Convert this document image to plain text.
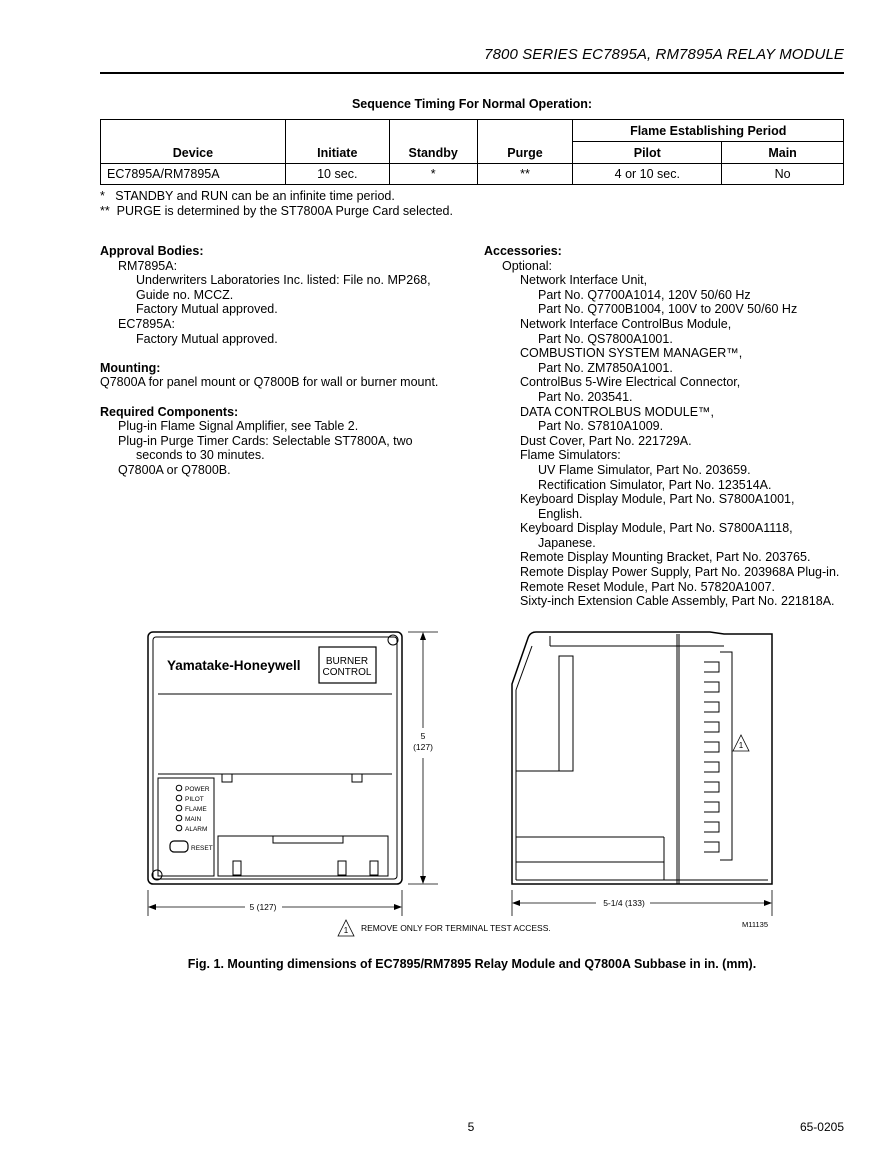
7800 SERIES EC7895A, RM7895A RELAY MODULE
Sequence Timing For Normal Operation:
Device	Initiate	Standby	Purge	Flame Establishing Period	
				Pilot	Main
EC7895A/RM7895A	10 sec.	*	**	4 or 10 sec.	No
*   STANDBY and RUN can be an infinite time period.
**  PURGE is determined by the ST7800A Purge Card selected.
Approval Bodies:
RM7895A:
Underwriters Laboratories Inc. listed: File no. MP268,
Guide no. MCCZ.
Factory Mutual approved.
EC7895A:
Factory Mutual approved.
Mounting:
Q7800A for panel mount or Q7800B for wall or burner mount.
Required Components:
Plug-in Flame Signal Amplifier, see Table 2.
Plug-in Purge Timer Cards: Selectable ST7800A, two
seconds to 30 minutes.
Q7800A or Q7800B.
Accessories:
Optional:
Network Interface Unit,
Part No. Q7700A1014, 120V 50/60 Hz
Part No. Q7700B1004, 100V to 200V 50/60 Hz
Network Interface ControlBus Module,
Part No. QS7800A1001.
COMBUSTION SYSTEM MANAGER™,
Part No. ZM7850A1001.
ControlBus 5-Wire Electrical Connector,
Part No. 203541.
DATA CONTROLBUS MODULE™,
Part No. S7810A1009.
Dust Cover, Part No. 221729A.
Flame Simulators:
UV Flame Simulator, Part No. 203659.
Rectification Simulator, Part No. 123514A.
Keyboard Display Module, Part No. S7800A1001,
English.
Keyboard Display Module, Part No. S7800A1118,
Japanese.
Remote Display Mounting Bracket, Part No. 203765.
Remote Display Power Supply, Part No. 203968A Plug-in.
Remote Reset Module, Part No. 57820A1007.
Sixty-inch Extension Cable Assembly, Part No. 221818A.
Yamatake-Honeywell	BURNER
CONTROL
POWER
PILOT
FLAME
MAIN
ALARM
RESET
5
(127)
5 (127)
1
5-1/4 (133)
1 REMOVE ONLY FOR TERMINAL TEST ACCESS.	M11135
Fig. 1. Mounting dimensions of EC7895/RM7895 Relay Module and Q7800A Subbase in in. (mm).
5	65-0205
